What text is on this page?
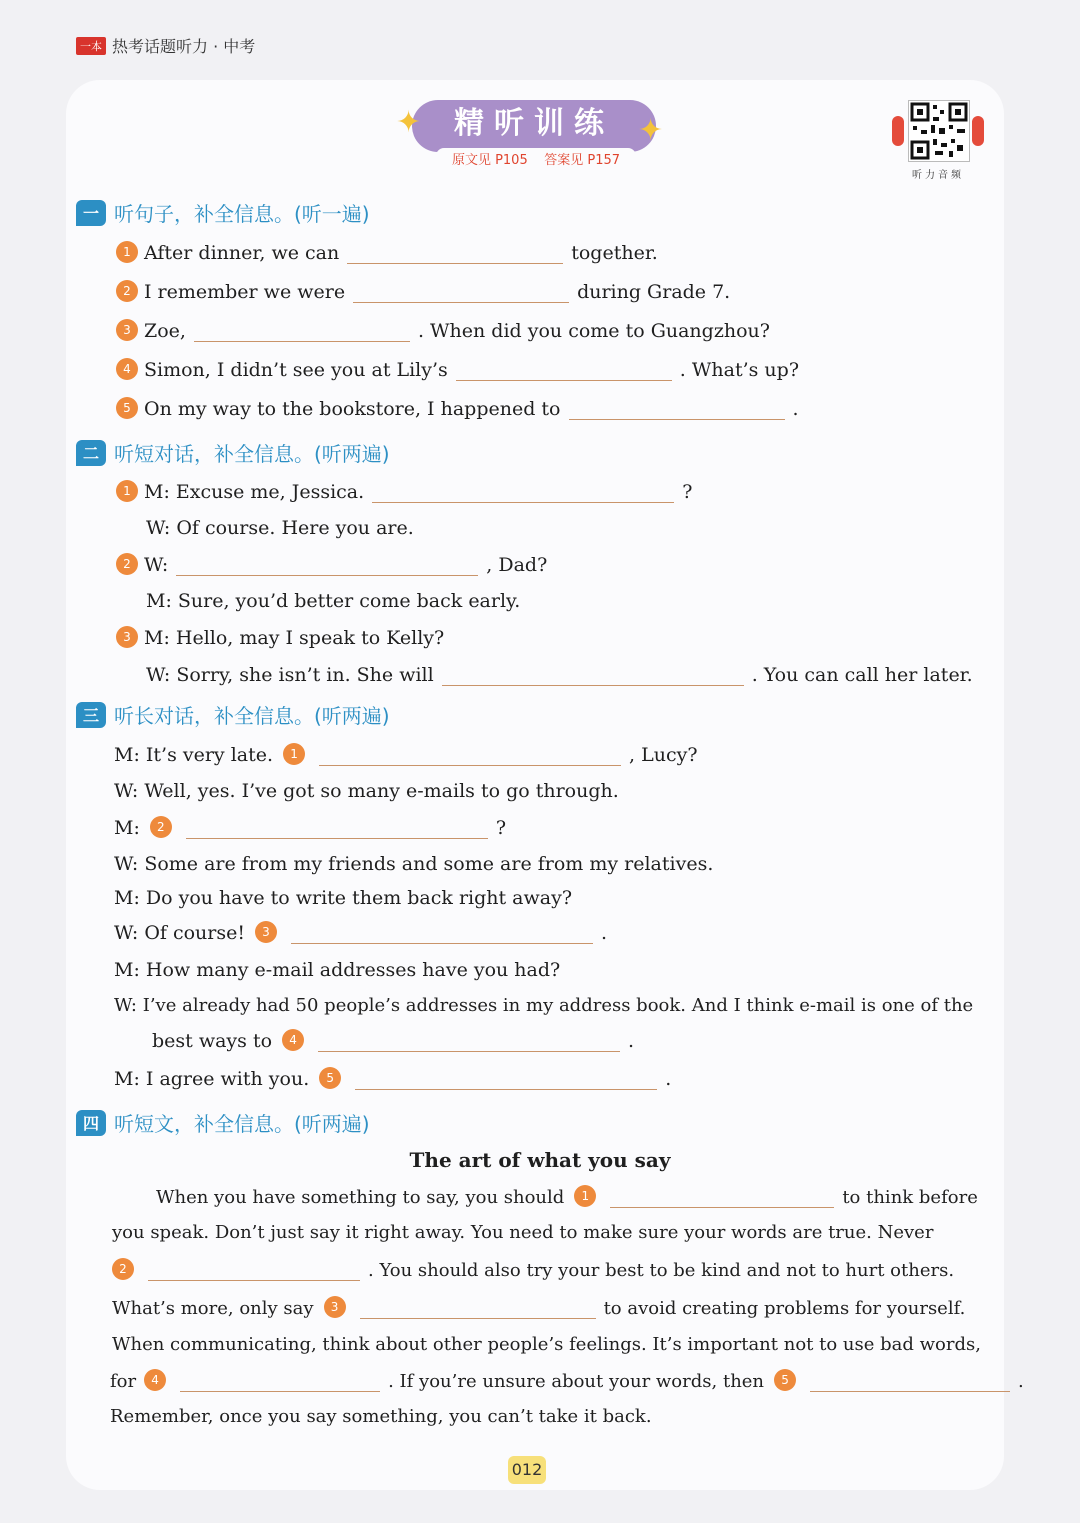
一本 热考话题听力 · 中考
✦	✦
精听训练
原文见 P105 答案见 P157
听力音频
一 听句子，补全信息。(听一遍)
二 听短对话，补全信息。(听两遍)
三 听长对话，补全信息。(听两遍)
四 听短文，补全信息。(听两遍)
1 After dinner, we can	together.
2 I remember we were	during Grade 7.
3 Zoe,	. When did you come to Guangzhou?
4 Simon, I didn’t see you at Lily’s	. What’s up?
5 On my way to the bookstore, I happened to	.
1 M: Excuse me, Jessica.	?
W: Of course. Here you are.
2 W:	, Dad?
M: Sure, you’d better come back early.
3 M: Hello, may I speak to Kelly?
W: Sorry, she isn’t in. She will	. You can call her later.
M: It’s very late.	1	, Lucy?
W: Well, yes. I’ve got so many e-mails to go through.
M:	2	?
W: Some are from my friends and some are from my relatives.
M: Do you have to write them back right away?
W: Of course!	3	.
M: How many e-mail addresses have you had?
W: I’ve already had 50 people’s addresses in my address book. And I think e-mail is one of the
best ways to	4	.
M: I agree with you.	5	.
The art of what you say
When you have something to say, you should	1	to think before
you speak. Don’t just say it right away. You need to make sure your words are true. Never
2	. You should also try your best to be kind and not to hurt others.
What’s more, only say	3	to avoid creating problems for yourself.
When communicating, think about other people’s feelings. It’s important not to use bad words,
for	4	. If you’re unsure about your words, then	5	.
Remember, once you say something, you can’t take it back.
012
